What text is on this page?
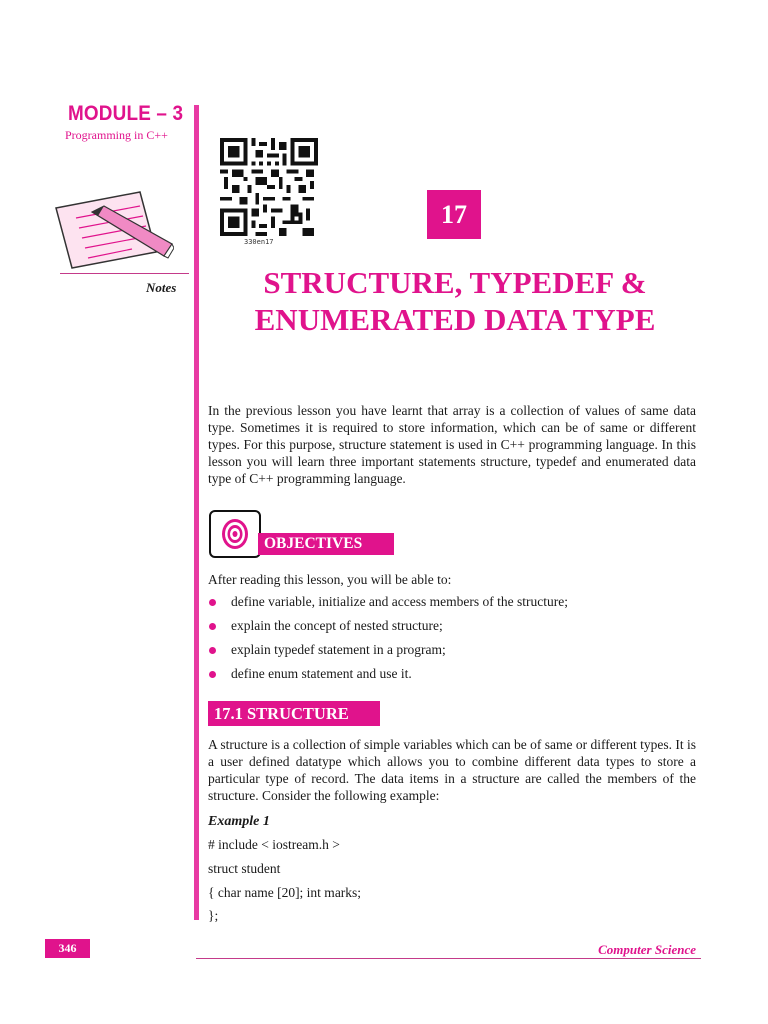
MODULE – 3
Programming in C++
Notes
330en17
17
STRUCTURE, TYPEDEF &
ENUMERATED DATA TYPE
In the previous lesson you have learnt that array is a collection of values of same data type. Sometimes it is required to store information, which can be of same or different types. For this purpose, structure statement is used in C++ programming language. In this lesson you will learn three important statements structure, typedef and enumerated data type of C++ programming language.
OBJECTIVES
After reading this lesson, you will be able to:
define variable, initialize and access members of the structure;
explain the concept of nested structure;
explain typedef statement in a program;
define enum statement and use it.
17.1 STRUCTURE
A structure is a collection of simple variables which can be of same or different types. It is a user defined datatype which allows you to combine different data types to store a particular type of record. The data items in a structure are called the members of the structure. Consider the following example:
Example 1
# include < iostream.h >
struct student
{ char name [20]; int marks;
};
346	Computer Science
